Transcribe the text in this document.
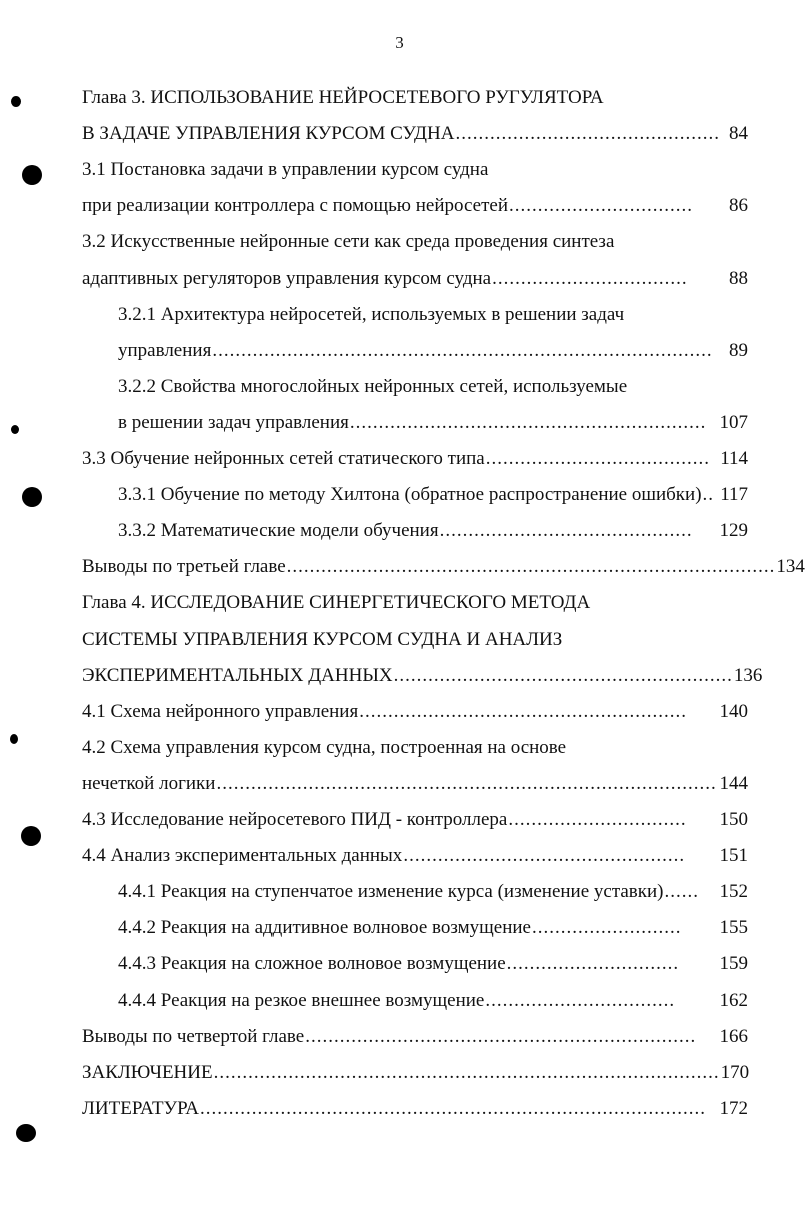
3
Глава 3. ИСПОЛЬЗОВАНИЕ НЕЙРОСЕТЕВОГО РУГУЛЯТОРА
В ЗАДАЧЕ УПРАВЛЕНИЯ КУРСОМ СУДНА .............................................. 84
3.1 Постановка задачи в управлении курсом судна
при реализации контроллера с помощью нейросетей ................................	86
3.2 Искусственные нейронные сети как среда проведения синтеза
адаптивных регуляторов управления курсом судна ..................................	88
3.2.1 Архитектура нейросетей, используемых в решении задач
управления ....................................................................................... 89
3.2.2 Свойства многослойных нейронных сетей, используемые
в решении задач управления .............................................................. 107
3.3 Обучение нейронных сетей статического типа ....................................... 114
3.3.1 Обучение по методу Хилтона (обратное распространение ошибки) .. 117
3.3.2 Математические модели обучения ............................................	129
Выводы по третьей главе ..................................................................................... 134
Глава 4. ИССЛЕДОВАНИЕ СИНЕРГЕТИЧЕСКОГО МЕТОДА
СИСТЕМЫ УПРАВЛЕНИЯ КУРСОМ СУДНА И АНАЛИЗ
ЭКСПЕРИМЕНТАЛЬНЫХ ДАННЫХ ........................................................... 136
4.1 Схема нейронного управления .........................................................	140
4.2 Схема управления курсом судна, построенная на основе
нечеткой логики ....................................................................................... 144
4.3 Исследование нейросетевого ПИД - контроллера ...............................	150
4.4 Анализ экспериментальных данных .................................................	151
4.4.1 Реакция на ступенчатое изменение курса (изменение уставки) ......	152
4.4.2 Реакция на аддитивное волновое возмущение ..........................	155
4.4.3 Реакция на сложное волновое возмущение ..............................	159
4.4.4 Реакция на резкое внешнее возмущение .................................	162
Выводы по четвертой главе ....................................................................	166
ЗАКЛЮЧЕНИЕ ........................................................................................ 170
ЛИТЕРАТУРА ........................................................................................ 172
